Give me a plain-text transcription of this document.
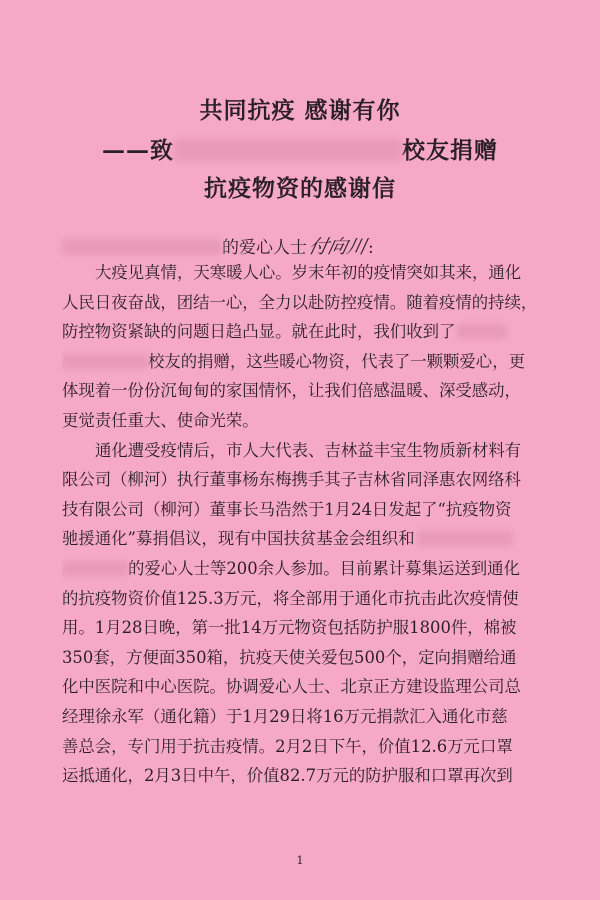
共同抗疫 感谢有你
——致	校友捐赠
抗疫物资的感谢信
的爱心人士付向川:
大疫见真情，天寒暖人心。岁末年初的疫情突如其来，通化
人民日夜奋战，团结一心，全力以赴防控疫情。随着疫情的持续，
防控物资紧缺的问题日趋凸显。就在此时，我们收到了
校友的捐赠，这些暖心物资，代表了一颗颗爱心，更
体现着一份份沉甸甸的家国情怀，让我们倍感温暖、深受感动，
更觉责任重大、使命光荣。
通化遭受疫情后，市人大代表、吉林益丰宝生物质新材料有
限公司（柳河）执行董事杨东梅携手其子吉林省同泽惠农网络科
技有限公司（柳河）董事长马浩然于1月24日发起了“抗疫物资
驰援通化”募捐倡议，现有中国扶贫基金会组织和
的爱心人士等200余人参加。目前累计募集运送到通化
的抗疫物资价值125.3万元，将全部用于通化市抗击此次疫情使
用。1月28日晚，第一批14万元物资包括防护服1800件，棉被
350套，方便面350箱，抗疫天使关爱包500个，定向捐赠给通
化中医院和中心医院。协调爱心人士、北京正方建设监理公司总
经理徐永军（通化籍）于1月29日将16万元捐款汇入通化市慈
善总会，专门用于抗击疫情。2月2日下午，价值12.6万元口罩
运抵通化，2月3日中午，价值82.7万元的防护服和口罩再次到
1
